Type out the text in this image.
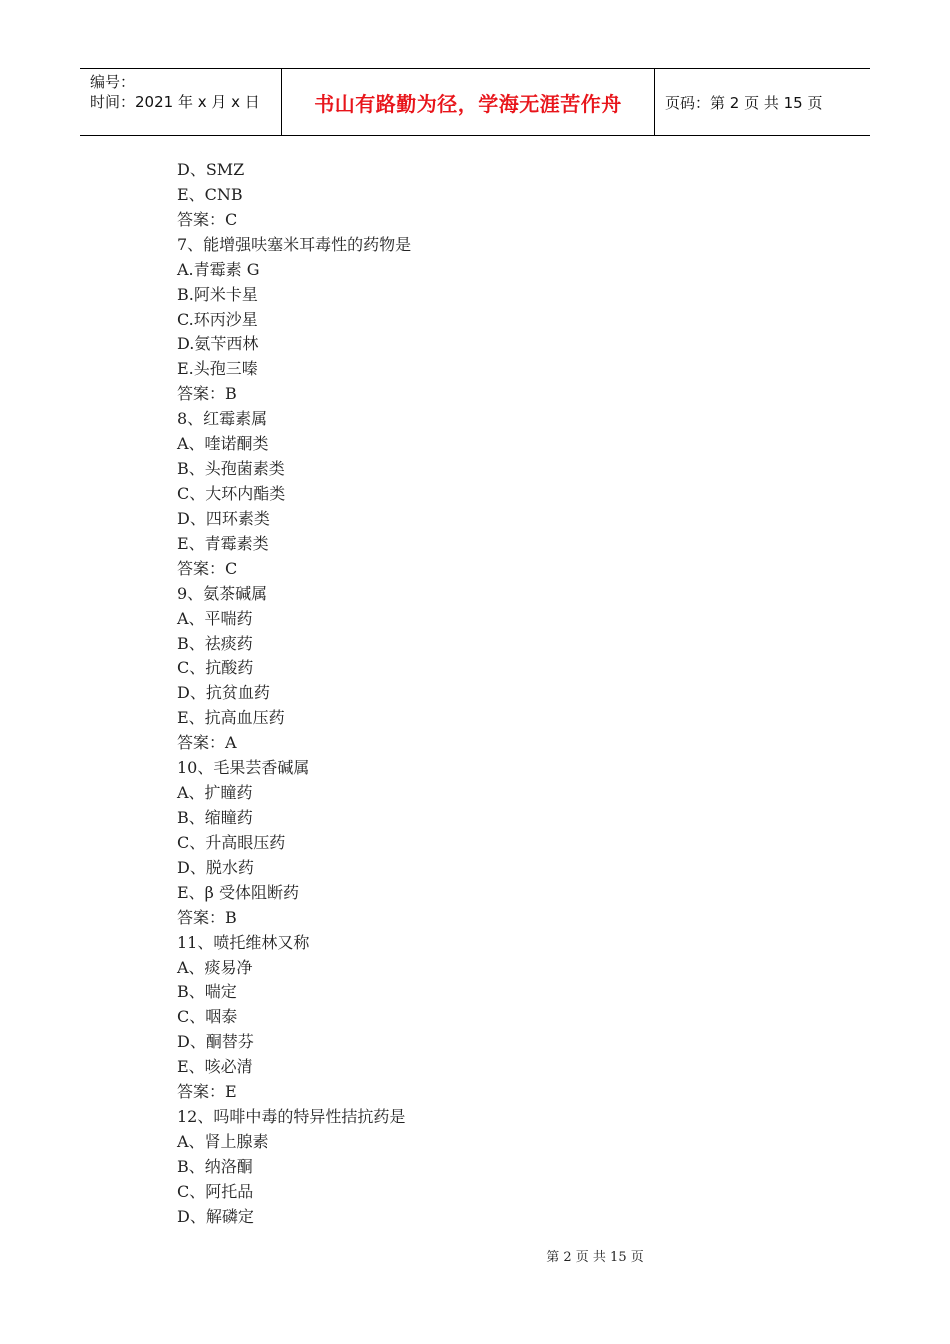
编号：
时间：2021 年 x 月 x 日	书山有路勤为径，学海无涯苦作舟	页码：第 2 页 共 15 页
D、SMZ
E、CNB
答案：C
7、能增强呋塞米耳毒性的药物是
A.青霉素 G
B.阿米卡星
C.环丙沙星
D.氨苄西林
E.头孢三嗪
答案：B
8、红霉素属
A、喹诺酮类
B、头孢菌素类
C、大环内酯类
D、四环素类
E、青霉素类
答案：C
9、氨茶碱属
A、平喘药
B、祛痰药
C、抗酸药
D、抗贫血药
E、抗高血压药
答案：A
10、毛果芸香碱属
A、扩瞳药
B、缩瞳药
C、升高眼压药
D、脱水药
E、β 受体阻断药
答案：B
11、喷托维林又称
A、痰易净
B、喘定
C、咽泰
D、酮替芬
E、咳必清
答案：E
12、吗啡中毒的特异性拮抗药是
A、肾上腺素
B、纳洛酮
C、阿托品
D、解磷定
第 2 页 共 15 页
